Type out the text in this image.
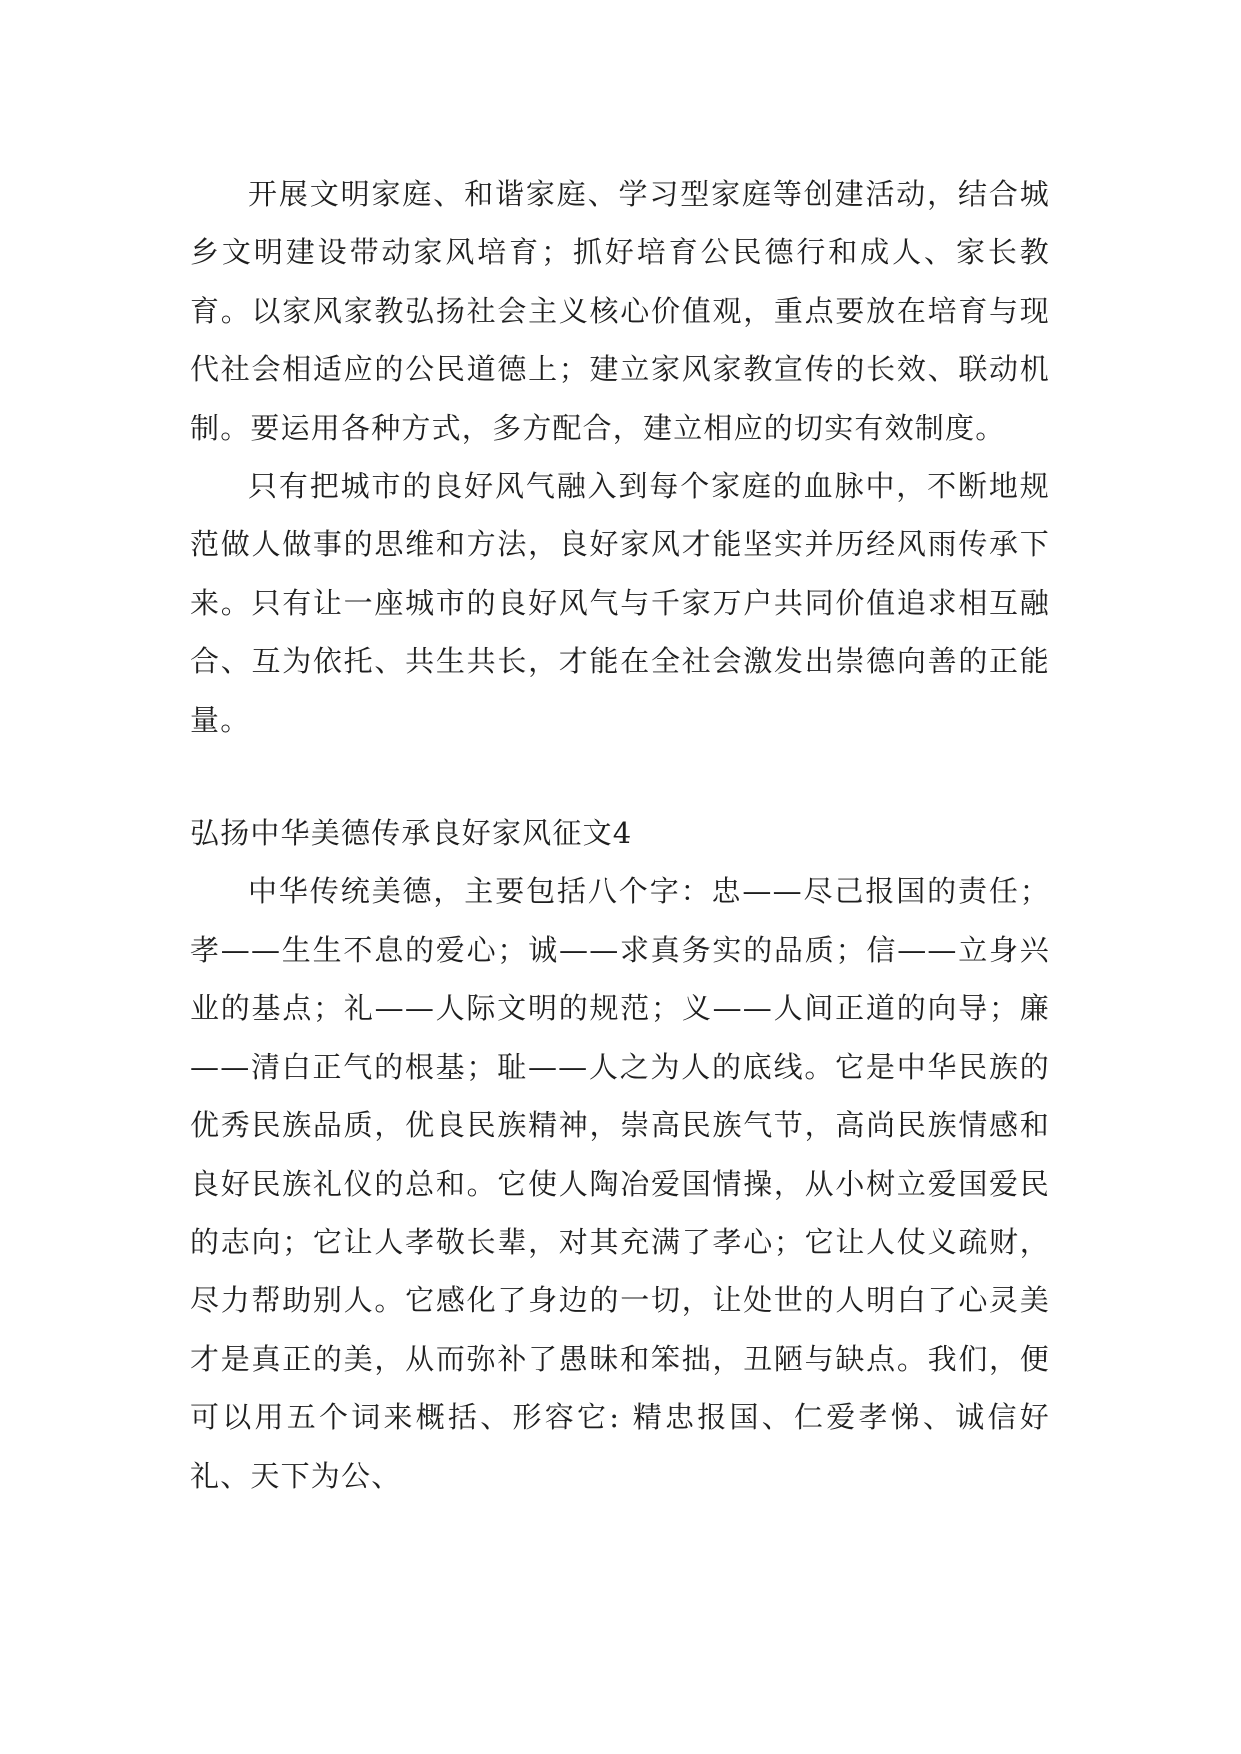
开展文明家庭、和谐家庭、学习型家庭等创建活动，结合城乡文明建设带动家风培育；抓好培育公民德行和成人、家长教育。以家风家教弘扬社会主义核心价值观，重点要放在培育与现代社会相适应的公民道德上；建立家风家教宣传的长效、联动机制。要运用各种方式，多方配合，建立相应的切实有效制度。

只有把城市的良好风气融入到每个家庭的血脉中，不断地规范做人做事的思维和方法，良好家风才能坚实并历经风雨传承下来。只有让一座城市的良好风气与千家万户共同价值追求相互融合、互为依托、共生共长，才能在全社会激发出崇德向善的正能量。

弘扬中华美德传承良好家风征文4

中华传统美德，主要包括八个字：忠——尽己报国的责任；孝——生生不息的爱心；诚——求真务实的品质；信——立身兴业的基点；礼——人际文明的规范；义——人间正道的向导；廉——清白正气的根基；耻——人之为人的底线。它是中华民族的优秀民族品质，优良民族精神，崇高民族气节，高尚民族情感和良好民族礼仪的总和。它使人陶冶爱国情操，从小树立爱国爱民的志向；它让人孝敬长辈，对其充满了孝心；它让人仗义疏财，尽力帮助别人。它感化了身边的一切，让处世的人明白了心灵美才是真正的美，从而弥补了愚昧和笨拙，丑陋与缺点。我们，便可以用五个词来概括、形容它: 精忠报国、仁爱孝悌、诚信好礼、天下为公、
